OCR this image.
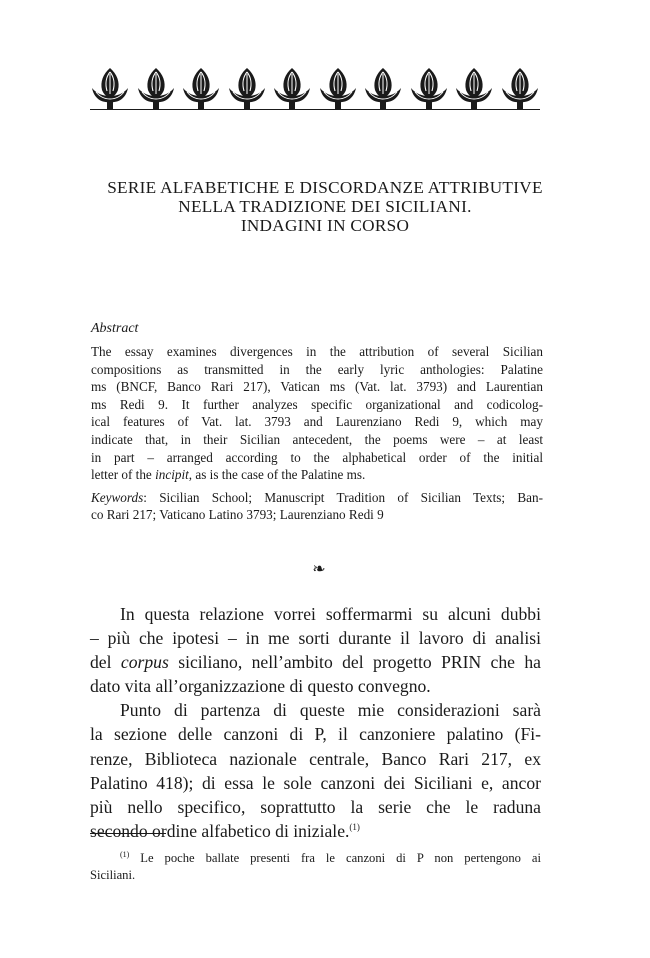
SERIE ALFABETICHE E DISCORDANZE ATTRIBUTIVE
NELLA TRADIZIONE DEI SICILIANI.
INDAGINI IN CORSO
Abstract
The essay examines divergences in the attribution of several Sicilian
compositions as transmitted in the early lyric anthologies: Palatine
ms (BNCF, Banco Rari 217), Vatican ms (Vat. lat. 3793) and Laurentian
ms Redi 9. It further analyzes specific organizational and codicolog-
ical features of Vat. lat. 3793 and Laurenziano Redi 9, which may
indicate that, in their Sicilian antecedent, the poems were – at least
in part – arranged according to the alphabetical order of the initial
letter of the incipit, as is the case of the Palatine ms.
Keywords: Sicilian School; Manuscript Tradition of Sicilian Texts; Ban-
co Rari 217; Vaticano Latino 3793; Laurenziano Redi 9
❧
In questa relazione vorrei soffermarmi su alcuni dubbi
– più che ipotesi – in me sorti durante il lavoro di analisi
del corpus siciliano, nell’ambito del progetto PRIN che ha
dato vita all’organizzazione di questo convegno.
Punto di partenza di queste mie considerazioni sarà
la sezione delle canzoni di P, il canzoniere palatino (Fi-
renze, Biblioteca nazionale centrale, Banco Rari 217, ex
Palatino 418); di essa le sole canzoni dei Siciliani e, ancor
più nello specifico, soprattutto la serie che le raduna
secondo ordine alfabetico di iniziale.$^{(1)}$
$^{(1)}$ Le poche ballate presenti fra le canzoni di P non pertengono ai
Siciliani.
